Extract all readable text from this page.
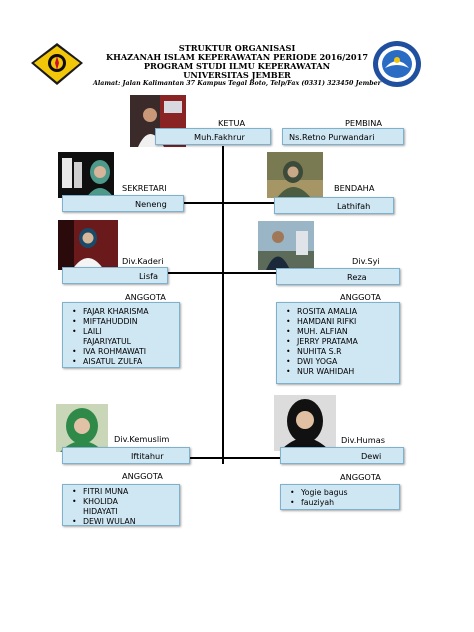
STRUKTUR ORGANISASI
KHAZANAH ISLAM KEPERAWATAN PERIODE 2016/2017
PROGRAM STUDI ILMU KEPERAWATAN
UNIVERSITAS JEMBER
Alamat: Jalan Kalimantan 37 Kampus Tegal Boto, Telp/Fax (0331) 323450 Jember
KETUA
Muh.Fakhrur
PEMBINA
Ns.Retno Purwandari
SEKRETARI
Neneng
BENDAHA
Lathifah
Div.Kaderi
Lisfa
Div.Syi
Reza
ANGGOTA
• FAJAR KHARISMA
• MIFTAHUDDIN
• LAILI FAJARIYATUL
• IVA ROHMAWATI
• AISATUL ZULFA
ANGGOTA
• ROSITA AMALIA
• HAMDANI RIFKI
• MUH. ALFIAN
• JERRY PRATAMA
• NUHITA S.R
• DWI YOGA
• NUR WAHIDAH
Div.Kemuslim
Iftitahur
Div.Humas
Dewi
ANGGOTA
• FITRI MUNA
• KHOLIDA HIDAYATI
• DEWI WULAN
ANGGOTA
• Yogie bagus
• fauziyah
